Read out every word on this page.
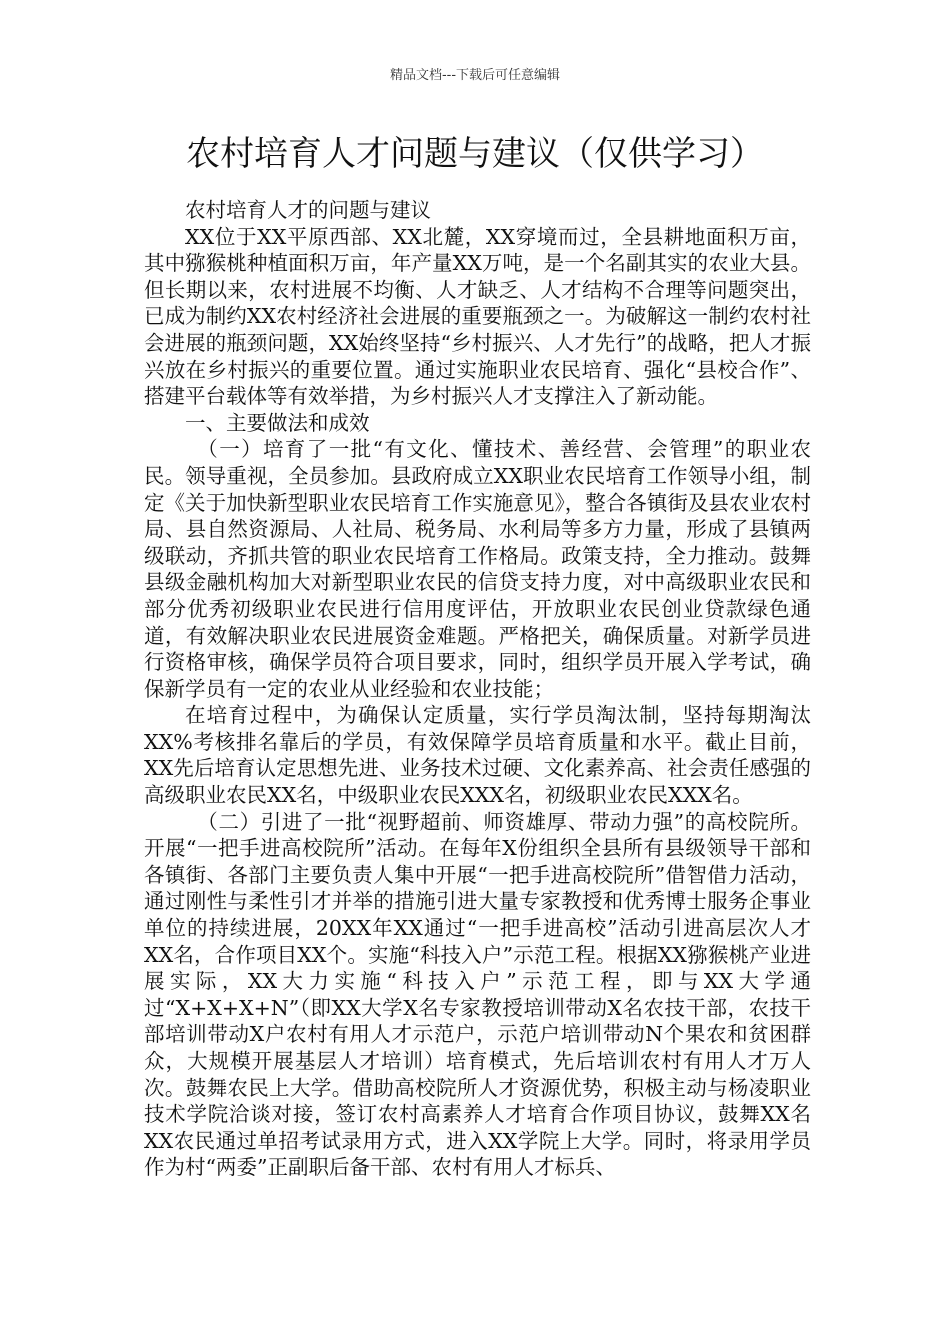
精品文档---下载后可任意编辑
农村培育人才问题与建议（仅供学习）

农村培育人才的问题与建议

XX位于XX平原西部、XX北麓，XX穿境而过，全县耕地面积万亩，其中猕猴桃种植面积万亩，年产量XX万吨，是一个名副其实的农业大县。但长期以来，农村进展不均衡、人才缺乏、人才结构不合理等问题突出，已成为制约XX农村经济社会进展的重要瓶颈之一。为破解这一制约农村社会进展的瓶颈问题，XX始终坚持“乡村振兴、人才先行”的战略，把人才振兴放在乡村振兴的重要位置。通过实施职业农民培育、强化“县校合作”、搭建平台载体等有效举措，为乡村振兴人才支撑注入了新动能。

一、主要做法和成效

（一）培育了一批“有文化、懂技术、善经营、会管理”的职业农民。领导重视，全员参加。县政府成立XX职业农民培育工作领导小组，制定《关于加快新型职业农民培育工作实施意见》，整合各镇街及县农业农村局、县自然资源局、人社局、税务局、水利局等多方力量，形成了县镇两级联动，齐抓共管的职业农民培育工作格局。政策支持，全力推动。鼓舞县级金融机构加大对新型职业农民的信贷支持力度，对中高级职业农民和部分优秀初级职业农民进行信用度评估，开放职业农民创业贷款绿色通道，有效解决职业农民进展资金难题。严格把关，确保质量。对新学员进行资格审核，确保学员符合项目要求，同时，组织学员开展入学考试，确保新学员有一定的农业从业经验和农业技能；

在培育过程中，为确保认定质量，实行学员淘汰制，坚持每期淘汰XX%考核排名靠后的学员，有效保障学员培育质量和水平。截止目前，XX先后培育认定思想先进、业务技术过硬、文化素养高、社会责任感强的高级职业农民XX名，中级职业农民XXX名，初级职业农民XXX名。

（二）引进了一批“视野超前、师资雄厚、带动力强”的高校院所。开展“一把手进高校院所”活动。在每年X份组织全县所有县级领导干部和各镇街、各部门主要负责人集中开展“一把手进高校院所”借智借力活动，通过刚性与柔性引才并举的措施引进大量专家教授和优秀博士服务企事业单位的持续进展，20XX年XX通过“一把手进高校”活动引进高层次人才XX名，合作项目XX个。实施“科技入户”示范工程。根据XX猕猴桃产业进展实际，XX大力实施“科技入户”示范工程，即与XX大学通过“X+X+X+N”（即XX大学X名专家教授培训带动X名农技干部，农技干部培训带动X户农村有用人才示范户，示范户培训带动N个果农和贫困群众，大规模开展基层人才培训）培育模式，先后培训农村有用人才万人次。鼓舞农民上大学。借助高校院所人才资源优势，积极主动与杨凌职业技术学院洽谈对接，签订农村高素养人才培育合作项目协议，鼓舞XX名XX农民通过单招考试录用方式，进入XX学院上大学。同时，将录用学员作为村“两委”正副职后备干部、农村有用人才标兵、
